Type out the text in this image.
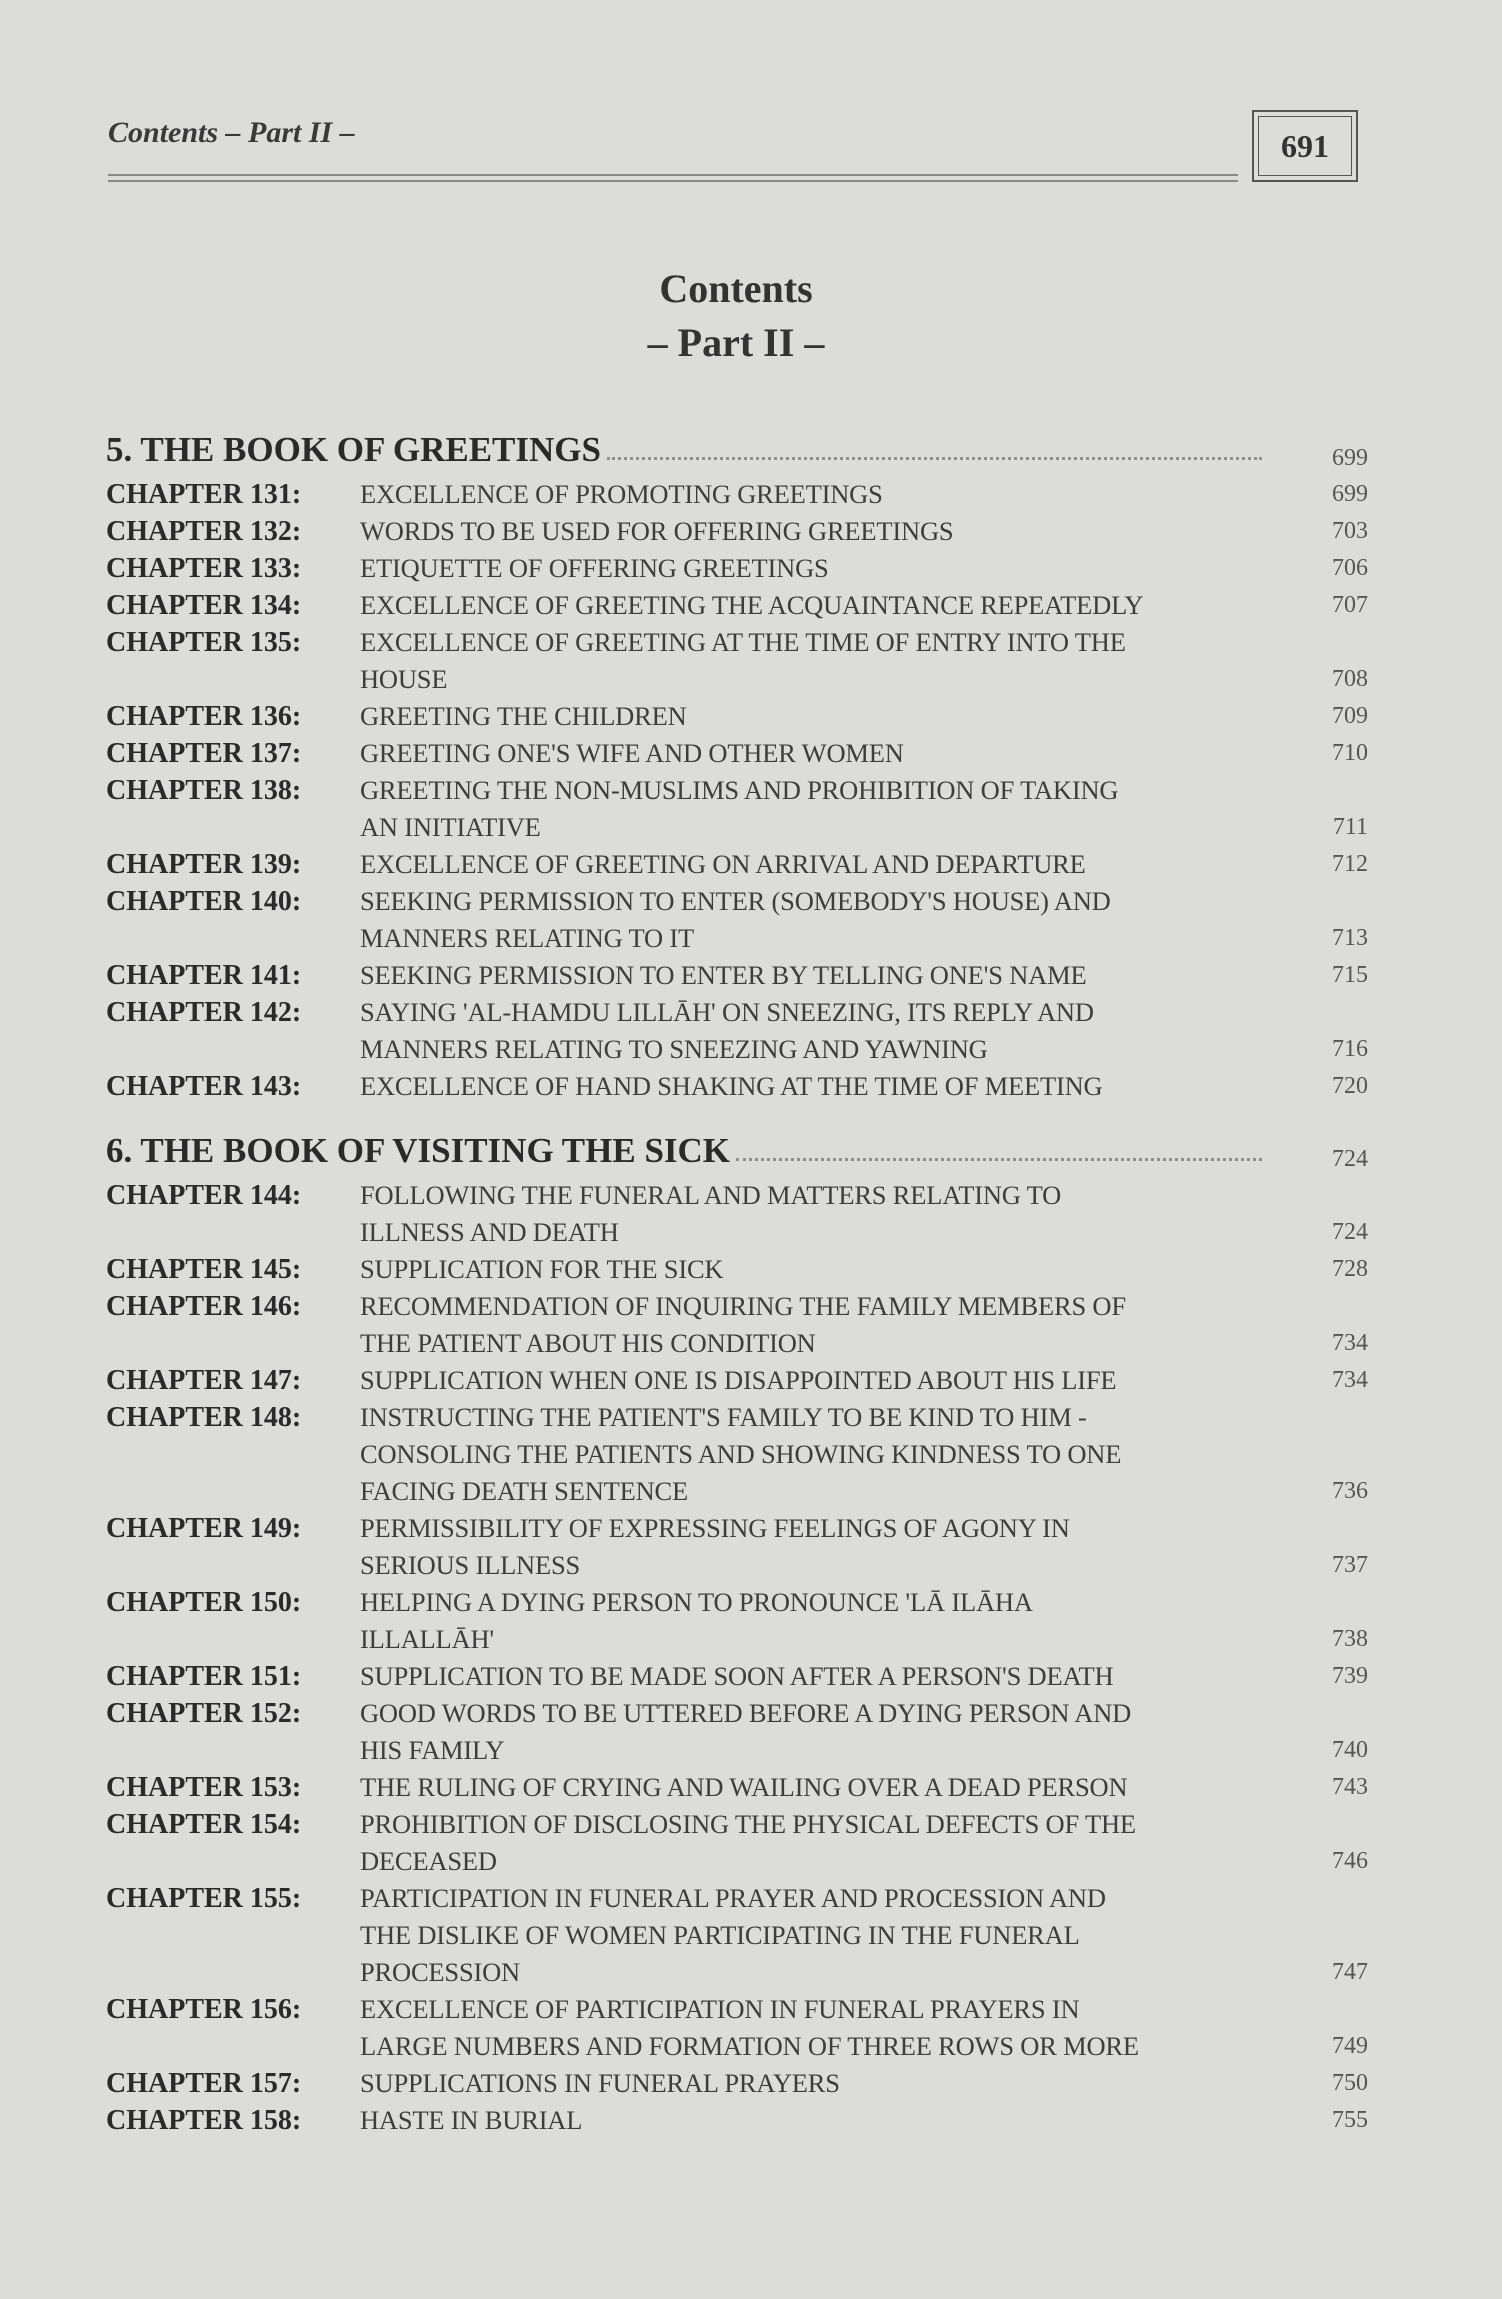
Contents – Part II –	691
Contents
– Part II –
5. THE BOOK OF GREETINGS	699
CHAPTER 131:	EXCELLENCE OF PROMOTING GREETINGS	699
CHAPTER 132:	WORDS TO BE USED FOR OFFERING GREETINGS	703
CHAPTER 133:	ETIQUETTE OF OFFERING GREETINGS	706
CHAPTER 134:	EXCELLENCE OF GREETING THE ACQUAINTANCE REPEATEDLY	707
CHAPTER 135:	EXCELLENCE OF GREETING AT THE TIME OF ENTRY INTO THE
HOUSE	708
CHAPTER 136:	GREETING THE CHILDREN	709
CHAPTER 137:	GREETING ONE'S WIFE AND OTHER WOMEN	710
CHAPTER 138:	GREETING THE NON-MUSLIMS AND PROHIBITION OF TAKING
AN INITIATIVE	711
CHAPTER 139:	EXCELLENCE OF GREETING ON ARRIVAL AND DEPARTURE	712
CHAPTER 140:	SEEKING PERMISSION TO ENTER (SOMEBODY'S HOUSE) AND
MANNERS RELATING TO IT	713
CHAPTER 141:	SEEKING PERMISSION TO ENTER BY TELLING ONE'S NAME	715
CHAPTER 142:	SAYING 'AL-HAMDU LILLĀH' ON SNEEZING, ITS REPLY AND
MANNERS RELATING TO SNEEZING AND YAWNING	716
CHAPTER 143:	EXCELLENCE OF HAND SHAKING AT THE TIME OF MEETING	720
6. THE BOOK OF VISITING THE SICK	724
CHAPTER 144:	FOLLOWING THE FUNERAL AND MATTERS RELATING TO
ILLNESS AND DEATH	724
CHAPTER 145:	SUPPLICATION FOR THE SICK	728
CHAPTER 146:	RECOMMENDATION OF INQUIRING THE FAMILY MEMBERS OF
THE PATIENT ABOUT HIS CONDITION	734
CHAPTER 147:	SUPPLICATION WHEN ONE IS DISAPPOINTED ABOUT HIS LIFE	734
CHAPTER 148:	INSTRUCTING THE PATIENT'S FAMILY TO BE KIND TO HIM -
CONSOLING THE PATIENTS AND SHOWING KINDNESS TO ONE
FACING DEATH SENTENCE	736
CHAPTER 149:	PERMISSIBILITY OF EXPRESSING FEELINGS OF AGONY IN
SERIOUS ILLNESS	737
CHAPTER 150:	HELPING A DYING PERSON TO PRONOUNCE 'LĀ ILĀHA
ILLALLĀH'	738
CHAPTER 151:	SUPPLICATION TO BE MADE SOON AFTER A PERSON'S DEATH	739
CHAPTER 152:	GOOD WORDS TO BE UTTERED BEFORE A DYING PERSON AND
HIS FAMILY	740
CHAPTER 153:	THE RULING OF CRYING AND WAILING OVER A DEAD PERSON	743
CHAPTER 154:	PROHIBITION OF DISCLOSING THE PHYSICAL DEFECTS OF THE
DECEASED	746
CHAPTER 155:	PARTICIPATION IN FUNERAL PRAYER AND PROCESSION AND
THE DISLIKE OF WOMEN PARTICIPATING IN THE FUNERAL
PROCESSION	747
CHAPTER 156:	EXCELLENCE OF PARTICIPATION IN FUNERAL PRAYERS IN
LARGE NUMBERS AND FORMATION OF THREE ROWS OR MORE	749
CHAPTER 157:	SUPPLICATIONS IN FUNERAL PRAYERS	750
CHAPTER 158:	HASTE IN BURIAL	755
